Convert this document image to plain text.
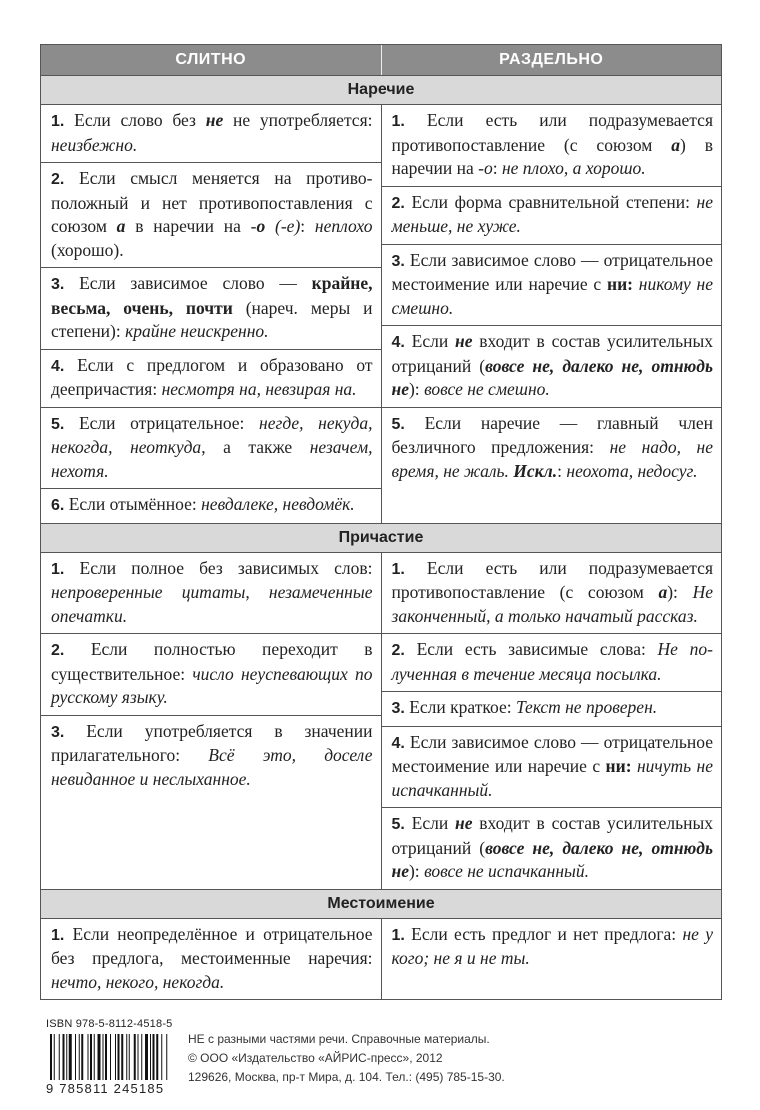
СЛИТНО	РАЗДЕЛЬНО
Наречие
1. Если слово без не не употребляется: неизбежно.
2. Если смысл меняется на противоположный и нет противопоставления с союзом а в наречии на -о (-е): неплохо (хорошо).
3. Если зависимое слово — крайне, весьма, очень, почти (нареч. меры и степени): крайне неискренно.
4. Если с предлогом и образовано от деепричастия: несмотря на, невзирая на.
5. Если отрицательное: негде, некуда, некогда, неоткуда, а также незачем, нехотя.
6. Если отымённое: невдалеке, невдомёк.
1. Если есть или подразумевается противопоставление (с союзом а) в наречии на -о: не плохо, а хорошо.
2. Если форма сравнительной степени: не меньше, не хуже.
3. Если зависимое слово — отрицательное местоимение или наречие с ни: никому не смешно.
4. Если не входит в состав усилительных отрицаний (вовсе не, далеко не, отнюдь не): вовсе не смешно.
5. Если наречие — главный член безличного предложения: не надо, не время, не жаль. Искл.: неохота, недосуг.
Причастие
1. Если полное без зависимых слов: непроверенные цитаты, незамеченные опечатки.
2. Если полностью переходит в существительное: число неуспевающих по русскому языку.
3. Если употребляется в значении прилагательного: Всё это, доселе невиданное и неслыханное.
1. Если есть или подразумевается противопоставление (с союзом а): Не законченный, а только начатый рассказ.
2. Если есть зависимые слова: Не полученная в течение месяца посылка.
3. Если краткое: Текст не проверен.
4. Если зависимое слово — отрицательное местоимение или наречие с ни: ничуть не испачканный.
5. Если не входит в состав усилительных отрицаний (вовсе не, далеко не, отнюдь не): вовсе не испачканный.
Местоимение
1. Если неопределённое и отрицательное без предлога, местоименные наречия: нечто, некого, некогда.
1. Если есть предлог и нет предлога: не у кого; не я и не ты.
ISBN 978-5-8112-4518-5
9 785811 245185
НЕ с разными частями речи. Справочные материалы.
© ООО «Издательство «АЙРИС-пресс», 2012
129626, Москва, пр-т Мира, д. 104. Тел.: (495) 785-15-30.
